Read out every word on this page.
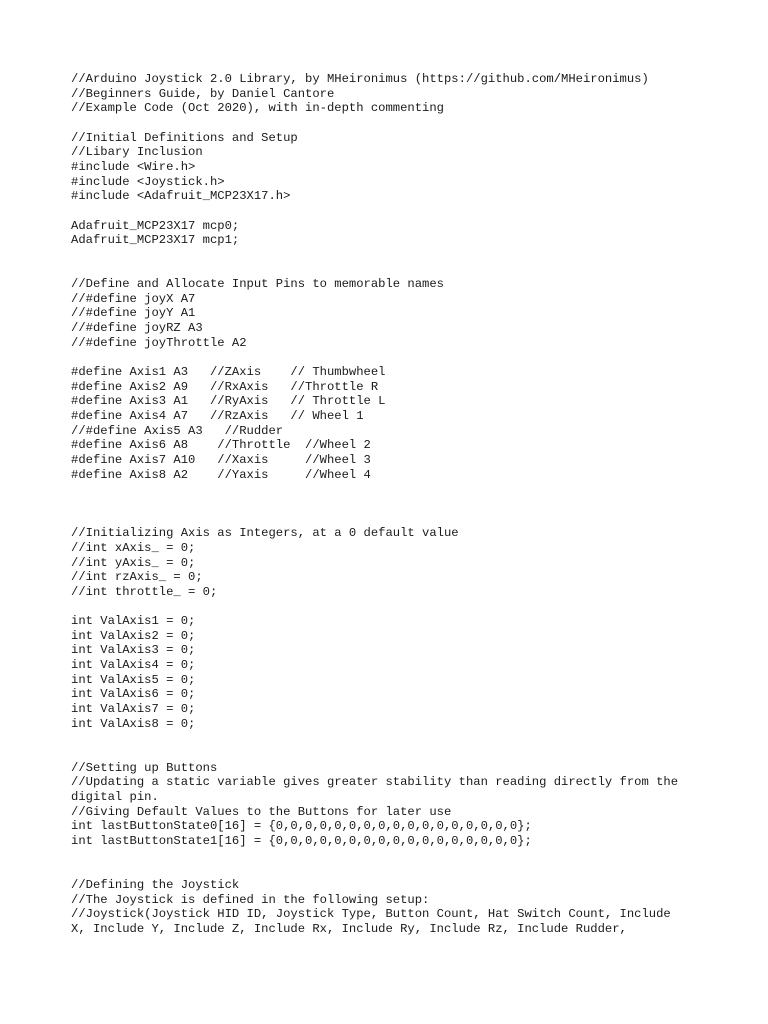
//Arduino Joystick 2.0 Library, by MHeironimus (https://github.com/MHeironimus)
//Beginners Guide, by Daniel Cantore
//Example Code (Oct 2020), with in-depth commenting
//Initial Definitions and Setup
//Libary Inclusion
#include <Wire.h>
#include <Joystick.h>
#include <Adafruit_MCP23X17.h>
Adafruit_MCP23X17 mcp0;
Adafruit_MCP23X17 mcp1;
//Define and Allocate Input Pins to memorable names
//#define joyX A7
//#define joyY A1
//#define joyRZ A3
//#define joyThrottle A2
#define Axis1 A3   //ZAxis    // Thumbwheel
#define Axis2 A9   //RxAxis   //Throttle R
#define Axis3 A1   //RyAxis   // Throttle L
#define Axis4 A7   //RzAxis   // Wheel 1
//#define Axis5 A3   //Rudder
#define Axis6 A8    //Throttle  //Wheel 2
#define Axis7 A10   //Xaxis     //Wheel 3
#define Axis8 A2    //Yaxis     //Wheel 4
//Initializing Axis as Integers, at a 0 default value
//int xAxis_ = 0;
//int yAxis_ = 0;
//int rzAxis_ = 0;
//int throttle_ = 0;
int ValAxis1 = 0;
int ValAxis2 = 0;
int ValAxis3 = 0;
int ValAxis4 = 0;
int ValAxis5 = 0;
int ValAxis6 = 0;
int ValAxis7 = 0;
int ValAxis8 = 0;
//Setting up Buttons
//Updating a static variable gives greater stability than reading directly from the
digital pin.
//Giving Default Values to the Buttons for later use
int lastButtonState0[16] = {0,0,0,0,0,0,0,0,0,0,0,0,0,0,0,0,0};
int lastButtonState1[16] = {0,0,0,0,0,0,0,0,0,0,0,0,0,0,0,0,0};
//Defining the Joystick
//The Joystick is defined in the following setup:
//Joystick(Joystick HID ID, Joystick Type, Button Count, Hat Switch Count, Include
X, Include Y, Include Z, Include Rx, Include Ry, Include Rz, Include Rudder,
